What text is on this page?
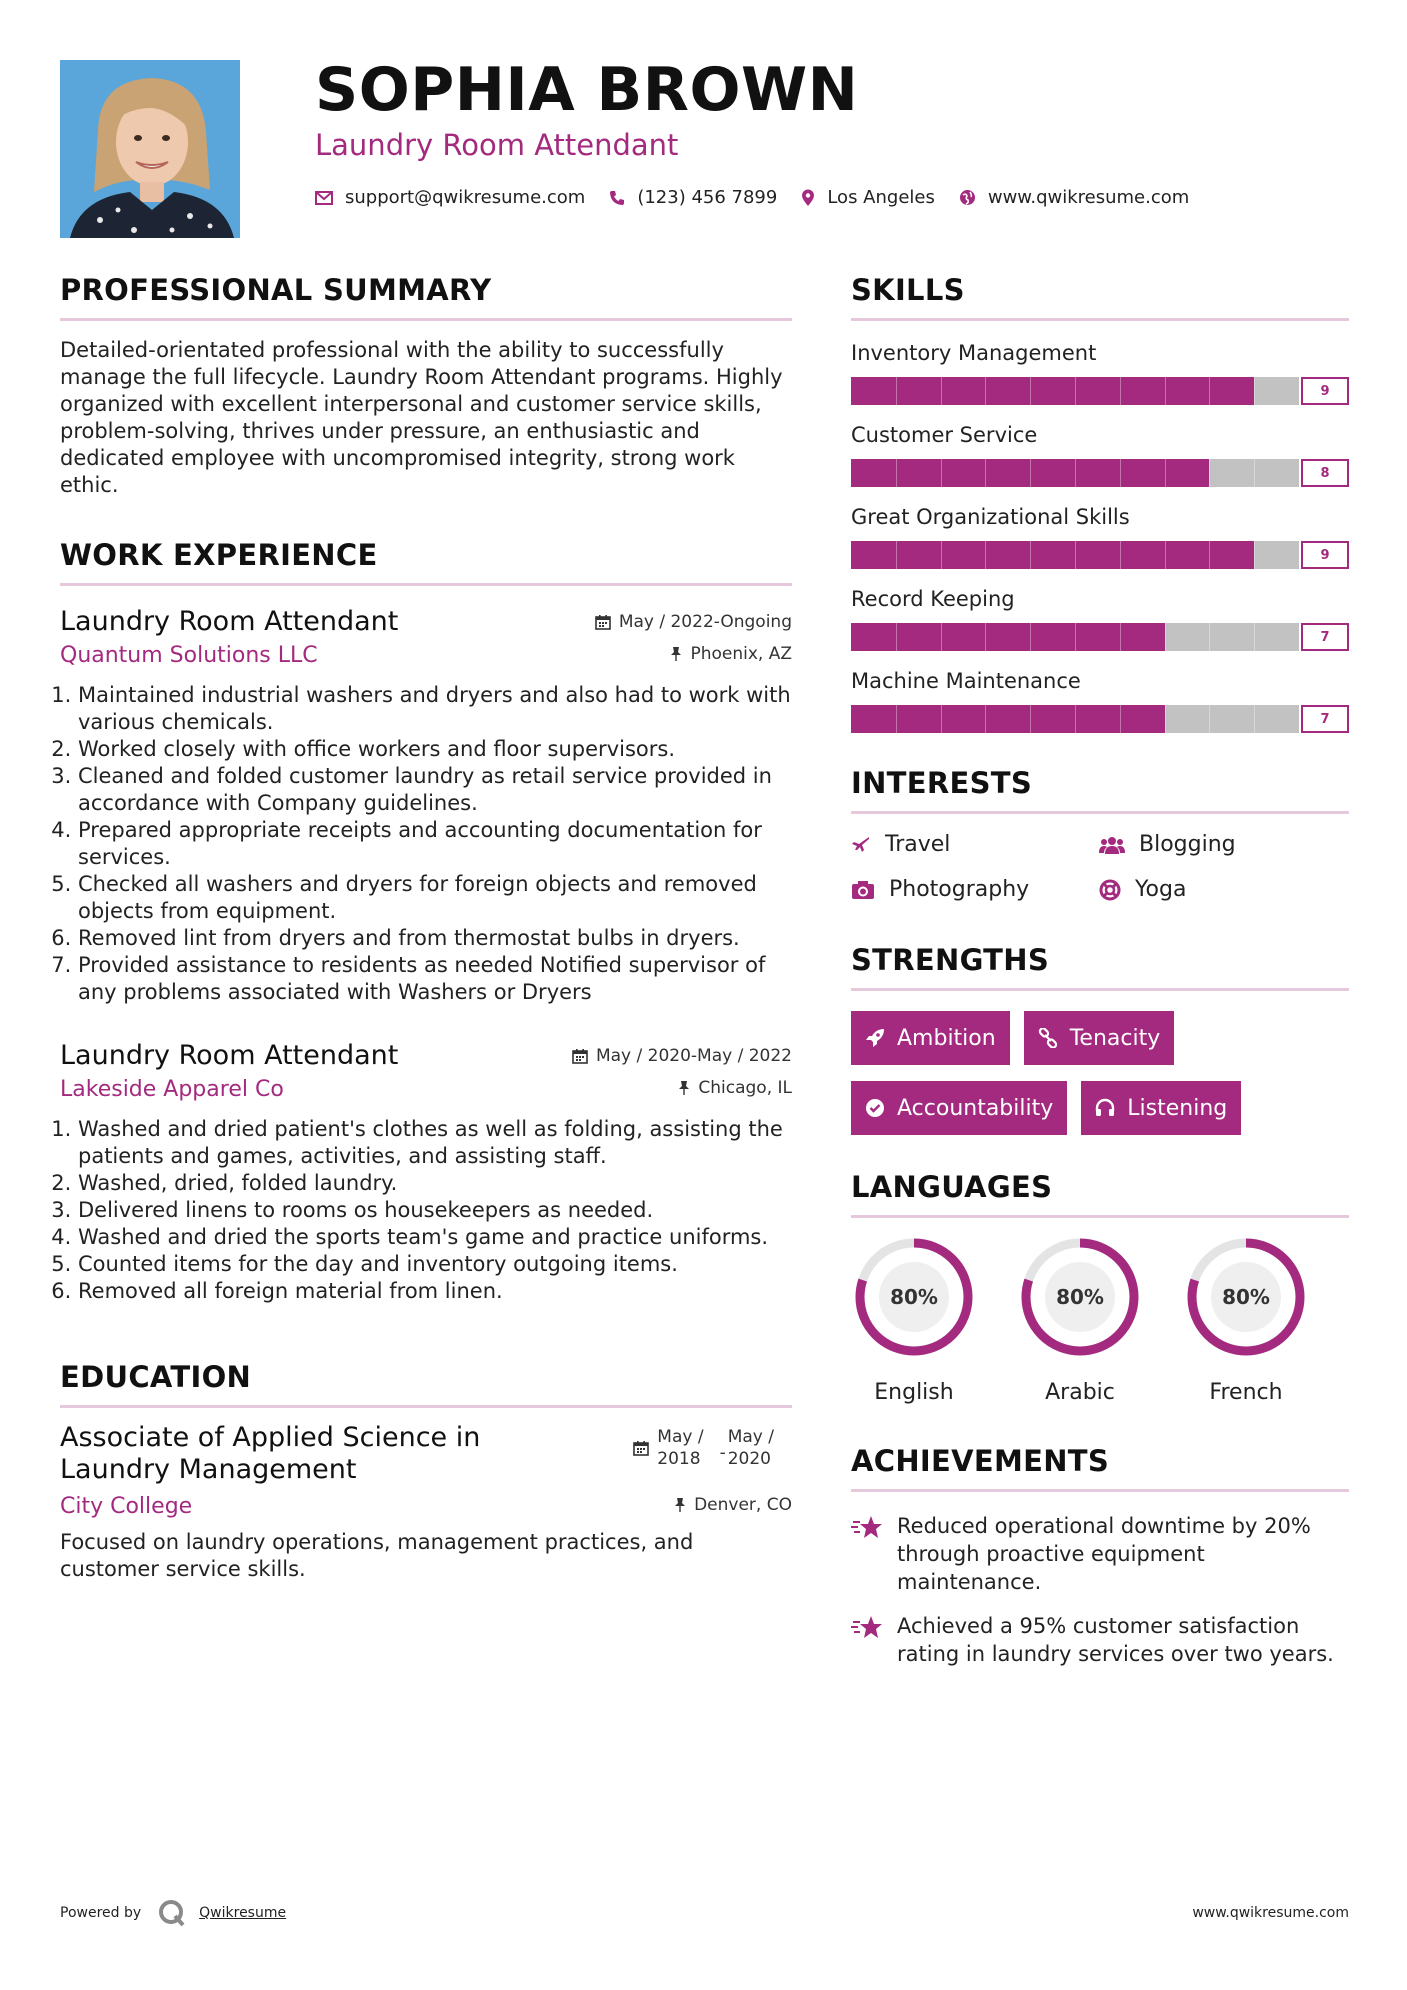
SOPHIA BROWN
Laundry Room Attendant
support@qwikresume.com	(123) 456 7899	Los Angeles	www.qwikresume.com
PROFESSIONAL SUMMARY

Detailed-orientated professional with the ability to successfully manage the full lifecycle. Laundry Room Attendant programs. Highly organized with excellent interpersonal and customer service skills, problem-solving, thrives under pressure, an enthusiastic and dedicated employee with uncompromised integrity, strong work ethic.

WORK EXPERIENCE
Laundry Room Attendant	May / 2022-Ongoing
Quantum Solutions LLC	Phoenix, AZ
1. Maintained industrial washers and dryers and also had to work with various chemicals.
2. Worked closely with office workers and floor supervisors.
3. Cleaned and folded customer laundry as retail service provided in accordance with Company guidelines.
4. Prepared appropriate receipts and accounting documentation for services.
5. Checked all washers and dryers for foreign objects and removed objects from equipment.
6. Removed lint from dryers and from thermostat bulbs in dryers.
7. Provided assistance to residents as needed Notified supervisor of any problems associated with Washers or Dryers
Laundry Room Attendant	May / 2020-May / 2022
Lakeside Apparel Co	Chicago, IL
1. Washed and dried patient's clothes as well as folding, assisting the patients and games, activities, and assisting staff.
2. Washed, dried, folded laundry.
3. Delivered linens to rooms os housekeepers as needed.
4. Washed and dried the sports team's game and practice uniforms.
5. Counted items for the day and inventory outgoing items.
6. Removed all foreign material from linen.
EDUCATION
Associate of Applied Science in Laundry Management
May /
2018 -
May /
2020
City College	Denver, CO

Focused on laundry operations, management practices, and customer service skills.

SKILLS
Inventory Management
9
Customer Service
8
Great Organizational Skills
9
Record Keeping
7
Machine Maintenance
7
INTERESTS
Travel	Blogging
Photography	Yoga
STRENGTHS
Ambition	Tenacity
Accountability	Listening
LANGUAGES
80%
English
80%
Arabic
80%
French
ACHIEVEMENTS
Reduced operational downtime by 20% through proactive equipment maintenance.
Achieved a 95% customer satisfaction rating in laundry services over two years.
Powered by	Qwikresume	www.qwikresume.com
